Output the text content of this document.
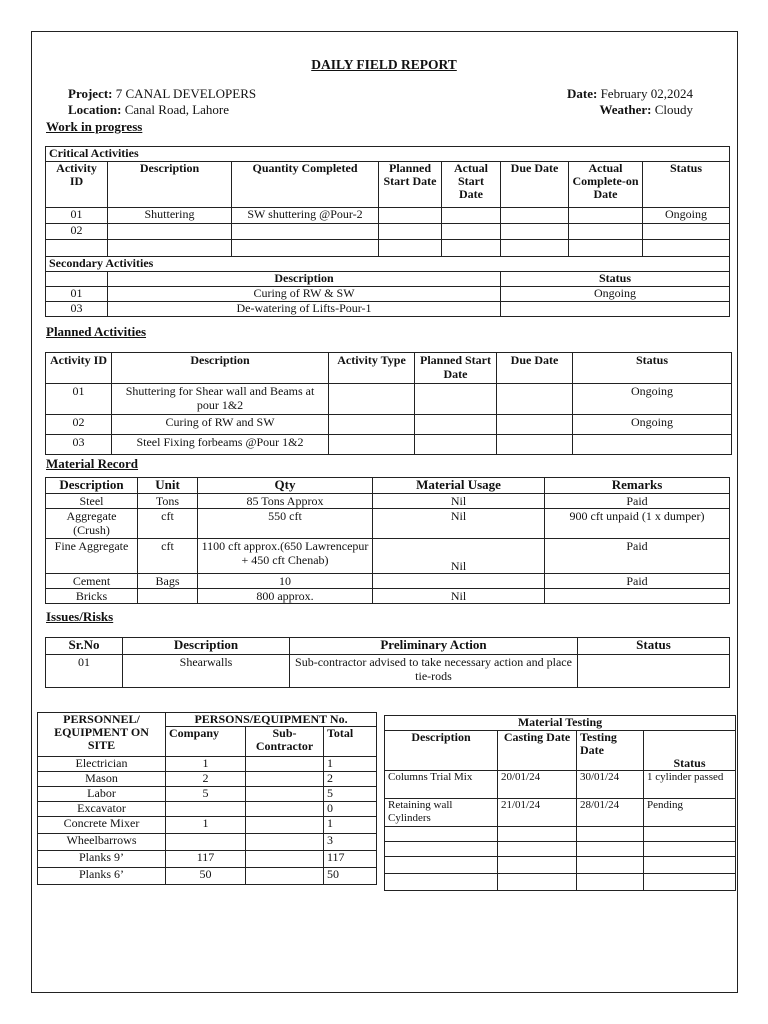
DAILY FIELD REPORT
Project: 7 CANAL DEVELOPERS
Location: Canal Road, Lahore
Date: February 02,2024
Weather: Cloudy
Work in progress
Critical Activities							
Activity ID	Description	Quantity Completed	Planned Start Date	Actual Start Date	Due Date	Actual Complete-on Date	Status
01	Shuttering	SW shuttering @Pour-2					Ongoing
02							

Secondary Activities							
	Description				Status		
01	Curing of RW & SW				Ongoing		
03	De-watering of Lifts-Pour-1						
Planned Activities
Activity ID	Description	Activity Type	Planned Start Date	Due Date	Status
01	Shuttering for Shear wall and Beams at pour 1&2				Ongoing
02	Curing of RW and SW				Ongoing
03	Steel Fixing forbeams @Pour 1&2				
Material Record
Description	Unit	Qty	Material Usage	Remarks
Steel	Tons	85 Tons Approx	Nil	Paid
Aggregate (Crush)	cft	550 cft	Nil	900 cft unpaid (1 x dumper)
Fine Aggregate	cft	1100 cft approx.(650 Lawrencepur + 450 cft Chenab)	Nil	Paid
Cement	Bags	10		Paid
Bricks		800 approx.	Nil	
Issues/Risks
Sr.No	Description	Preliminary Action	Status
01	Shearwalls	Sub-contractor advised to take necessary action and place tie-rods	
PERSONNEL/ EQUIPMENT ON SITE	PERSONS/EQUIPMENT No.		
	Company	Sub-Contractor	Total
Electrician	1		1
Mason	2		2
Labor	5		5
Excavator			0
Concrete Mixer	1		1
Wheelbarrows			3
Planks 9’	117		117
Planks 6’	50		50
Material Testing			
Description	Casting Date	Testing Date	Status
Columns Trial Mix	20/01/24	30/01/24	1 cylinder passed
Retaining wall Cylinders	21/01/24	28/01/24	Pending
